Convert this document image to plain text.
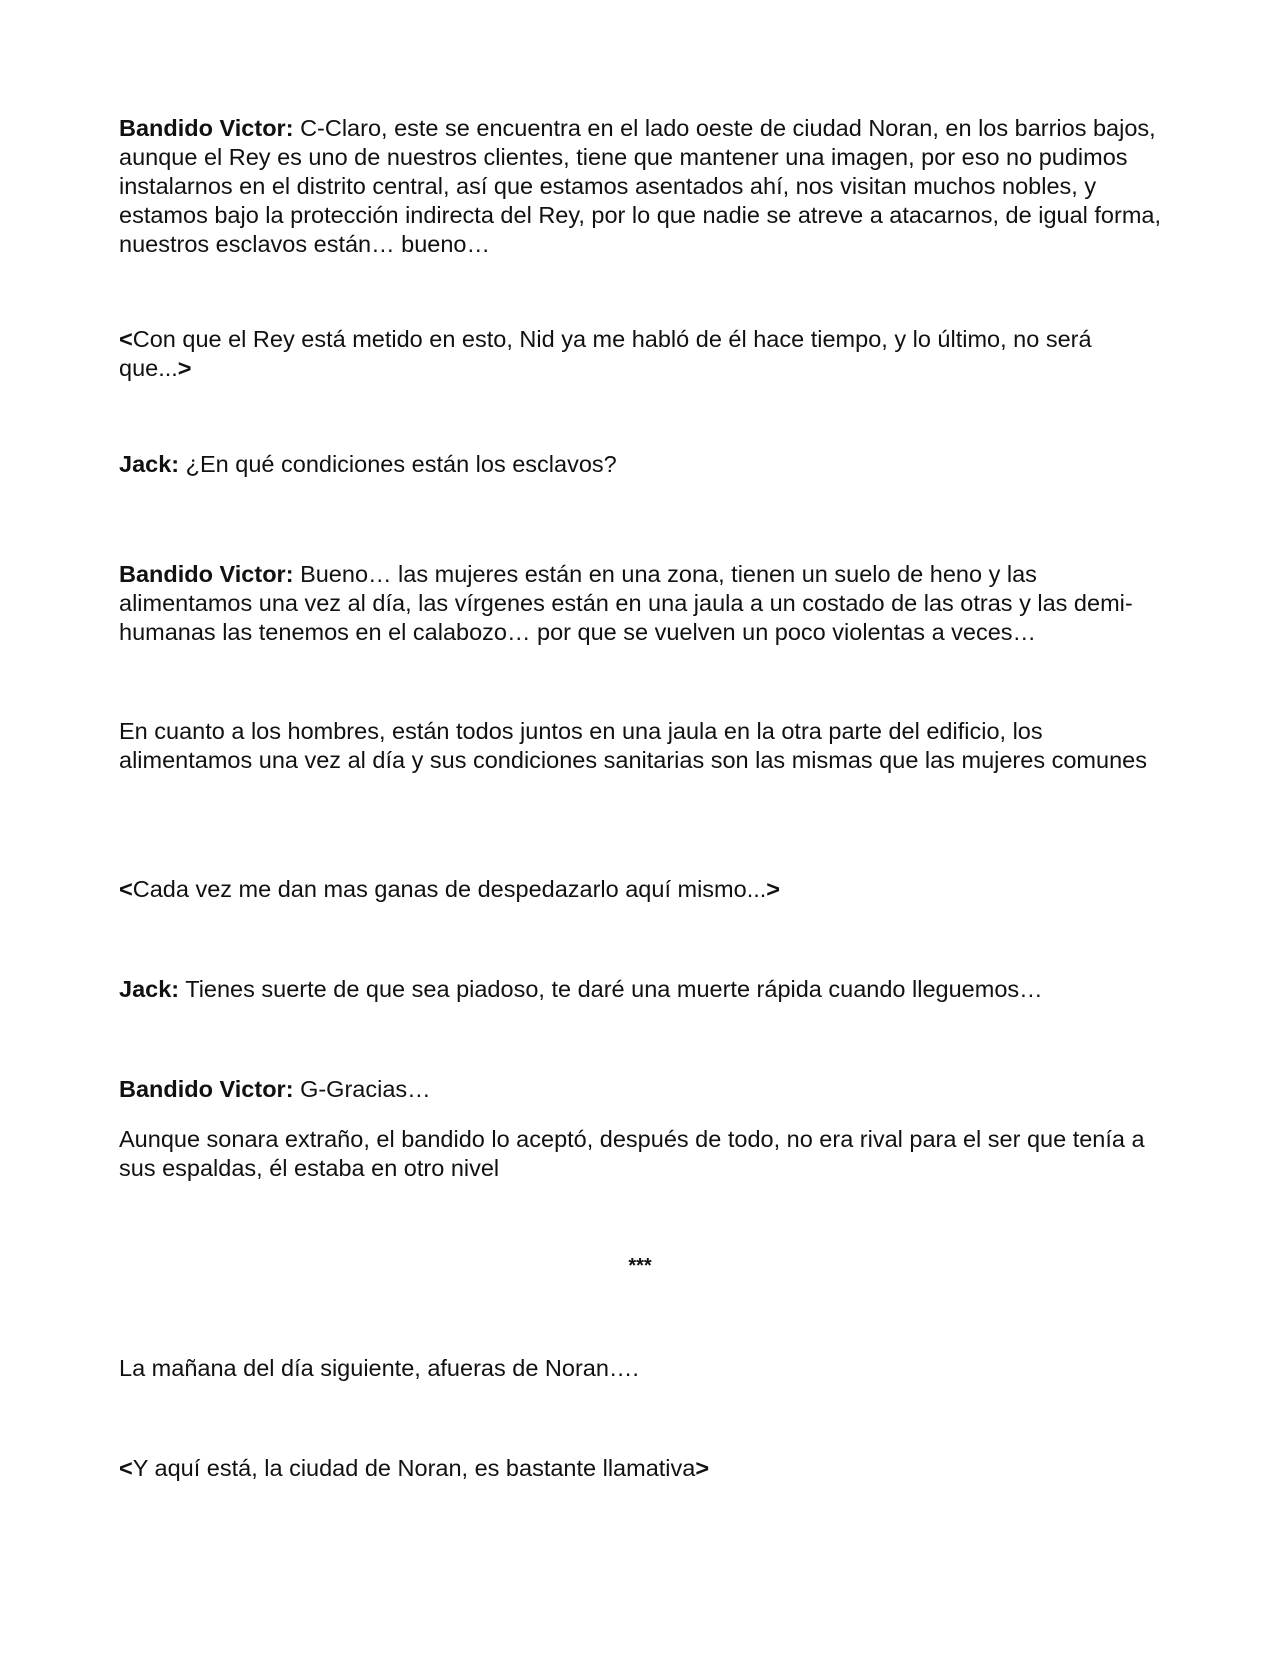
Bandido Victor: C-Claro, este se encuentra en el lado oeste de ciudad Noran, en los barrios bajos, aunque el Rey es uno de nuestros clientes, tiene que mantener una imagen, por eso no pudimos instalarnos en el distrito central, así que estamos asentados ahí, nos visitan muchos nobles, y estamos bajo la protección indirecta del Rey, por lo que nadie se atreve a atacarnos, de igual forma, nuestros esclavos están… bueno…

<Con que el Rey está metido en esto, Nid ya me habló de él hace tiempo, y lo último, no será que...>

Jack: ¿En qué condiciones están los esclavos?

Bandido Victor: Bueno… las mujeres están en una zona, tienen un suelo de heno y las alimentamos una vez al día, las vírgenes están en una jaula a un costado de las otras y las demi-humanas las tenemos en el calabozo… por que se vuelven un poco violentas a veces…

En cuanto a los hombres, están todos juntos en una jaula en la otra parte del edificio, los alimentamos una vez al día y sus condiciones sanitarias son las mismas que las mujeres comunes

<Cada vez me dan mas ganas de despedazarlo aquí mismo...>

Jack: Tienes suerte de que sea piadoso, te daré una muerte rápida cuando lleguemos…

Bandido Victor: G-Gracias…

Aunque sonara extraño, el bandido lo aceptó, después de todo, no era rival para el ser que tenía a sus espaldas, él estaba en otro nivel

***

La mañana del día siguiente, afueras de Noran….

<Y aquí está, la ciudad de Noran, es bastante llamativa>
